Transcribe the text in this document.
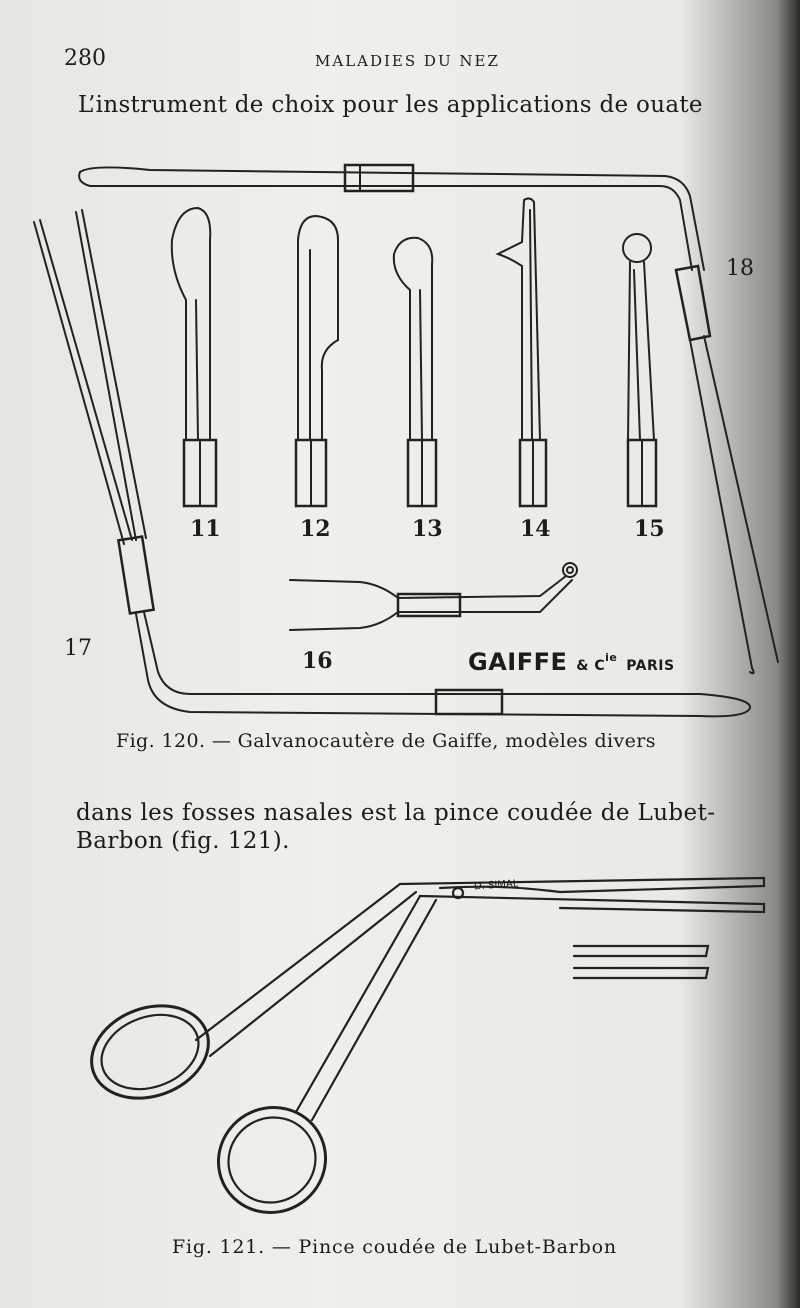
280	MALADIES DU NEZ
L’instrument de choix pour les applications de ouate
11	12	13	14	15
16
17
18
GAIFFE & $C^{ie}$ PARIS
Fig. 120. — Galvanocautère de Gaiffe, modèles divers
dans les fosses nasales est la pince coudée de Lubet-
Barbon (fig. 121).
D. SIMAL
Fig. 121. — Pince coudée de Lubet-Barbon
